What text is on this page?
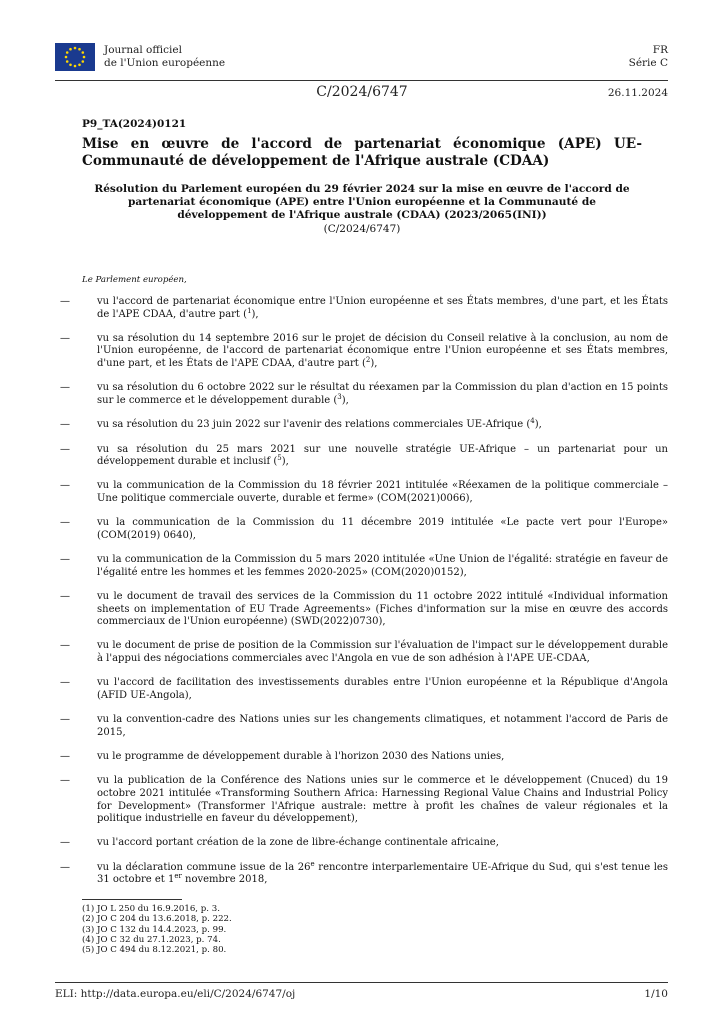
Journal officiel
de l'Union européenne
FR
Série C
C/2024/6747	26.11.2024

P9_TA(2024)0121

Mise en œuvre de l'accord de partenariat économique (APE) UE-Communauté de développement de l'Afrique australe (CDAA)

Résolution du Parlement européen du 29 février 2024 sur la mise en œuvre de l'accord de partenariat économique (APE) entre l'Union européenne et la Communauté de développement de l'Afrique australe (CDAA) (2023/2065(INI))

(C/2024/6747)

Le Parlement européen,
—	vu l'accord de partenariat économique entre l'Union européenne et ses États membres, d'une part, et les États de l'APE CDAA, d'autre part ($^1$),
—	vu sa résolution du 14 septembre 2016 sur le projet de décision du Conseil relative à la conclusion, au nom de l'Union européenne, de l'accord de partenariat économique entre l'Union européenne et ses États membres, d'une part, et les États de l'APE CDAA, d'autre part ($^2$),
—	vu sa résolution du 6 octobre 2022 sur le résultat du réexamen par la Commission du plan d'action en 15 points sur le commerce et le développement durable ($^3$),
—	vu sa résolution du 23 juin 2022 sur l'avenir des relations commerciales UE-Afrique ($^4$),
—	vu sa résolution du 25 mars 2021 sur une nouvelle stratégie UE-Afrique – un partenariat pour un développement durable et inclusif ($^5$),
—	vu la communication de la Commission du 18 février 2021 intitulée «Réexamen de la politique commerciale – Une politique commerciale ouverte, durable et ferme» (COM(2021)0066),
—	vu la communication de la Commission du 11 décembre 2019 intitulée «Le pacte vert pour l'Europe» (COM(2019) 0640),
—	vu la communication de la Commission du 5 mars 2020 intitulée «Une Union de l'égalité: stratégie en faveur de l'égalité entre les hommes et les femmes 2020-2025» (COM(2020)0152),
—	vu le document de travail des services de la Commission du 11 octobre 2022 intitulé «Individual information sheets on implementation of EU Trade Agreements» (Fiches d'information sur la mise en œuvre des accords commerciaux de l'Union européenne) (SWD(2022)0730),
—	vu le document de prise de position de la Commission sur l'évaluation de l'impact sur le développement durable à l'appui des négociations commerciales avec l'Angola en vue de son adhésion à l'APE UE-CDAA,
—	vu l'accord de facilitation des investissements durables entre l'Union européenne et la République d'Angola (AFID UE-Angola),
—	vu la convention-cadre des Nations unies sur les changements climatiques, et notamment l'accord de Paris de 2015,
—	vu le programme de développement durable à l'horizon 2030 des Nations unies,
—	vu la publication de la Conférence des Nations unies sur le commerce et le développement (Cnuced) du 19 octobre 2021 intitulée «Transforming Southern Africa: Harnessing Regional Value Chains and Industrial Policy for Development» (Transformer l'Afrique australe: mettre à profit les chaînes de valeur régionales et la politique industrielle en faveur du développement),
—	vu l'accord portant création de la zone de libre-échange continentale africaine,
—	vu la déclaration commune issue de la 26e rencontre interparlementaire UE-Afrique du Sud, qui s'est tenue les 31 octobre et 1er novembre 2018,
(1) JO L 250 du 16.9.2016, p. 3.
(2) JO C 204 du 13.6.2018, p. 222.
(3) JO C 132 du 14.4.2023, p. 99.
(4) JO C 32 du 27.1.2023, p. 74.
(5) JO C 494 du 8.12.2021, p. 80.
ELI: http://data.europa.eu/eli/C/2024/6747/oj	1/10
